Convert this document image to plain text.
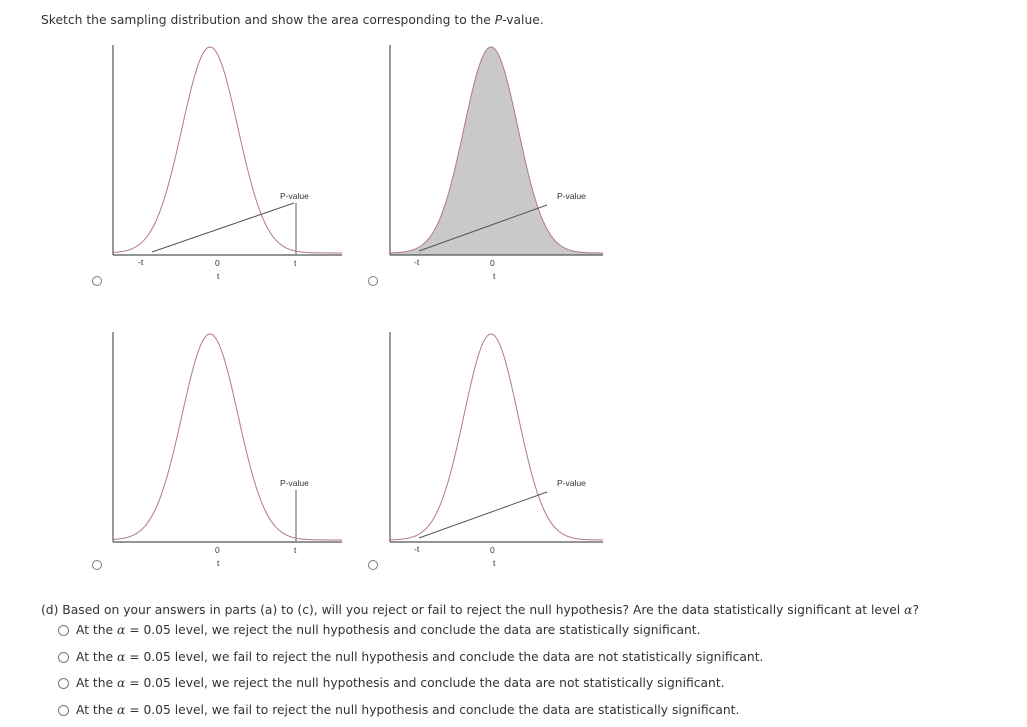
Sketch the sampling distribution and show the area corresponding to the P-value.
P-value
-t	0	t
t
P-value
-t	0
t
P-value
0	t
t
P-value
-t	0
t
(d) Based on your answers in parts (a) to (c), will you reject or fail to reject the null hypothesis? Are the data statistically significant at level α?
At the α = 0.05 level, we reject the null hypothesis and conclude the data are statistically significant.
At the α = 0.05 level, we fail to reject the null hypothesis and conclude the data are not statistically significant.
At the α = 0.05 level, we reject the null hypothesis and conclude the data are not statistically significant.
At the α = 0.05 level, we fail to reject the null hypothesis and conclude the data are statistically significant.
